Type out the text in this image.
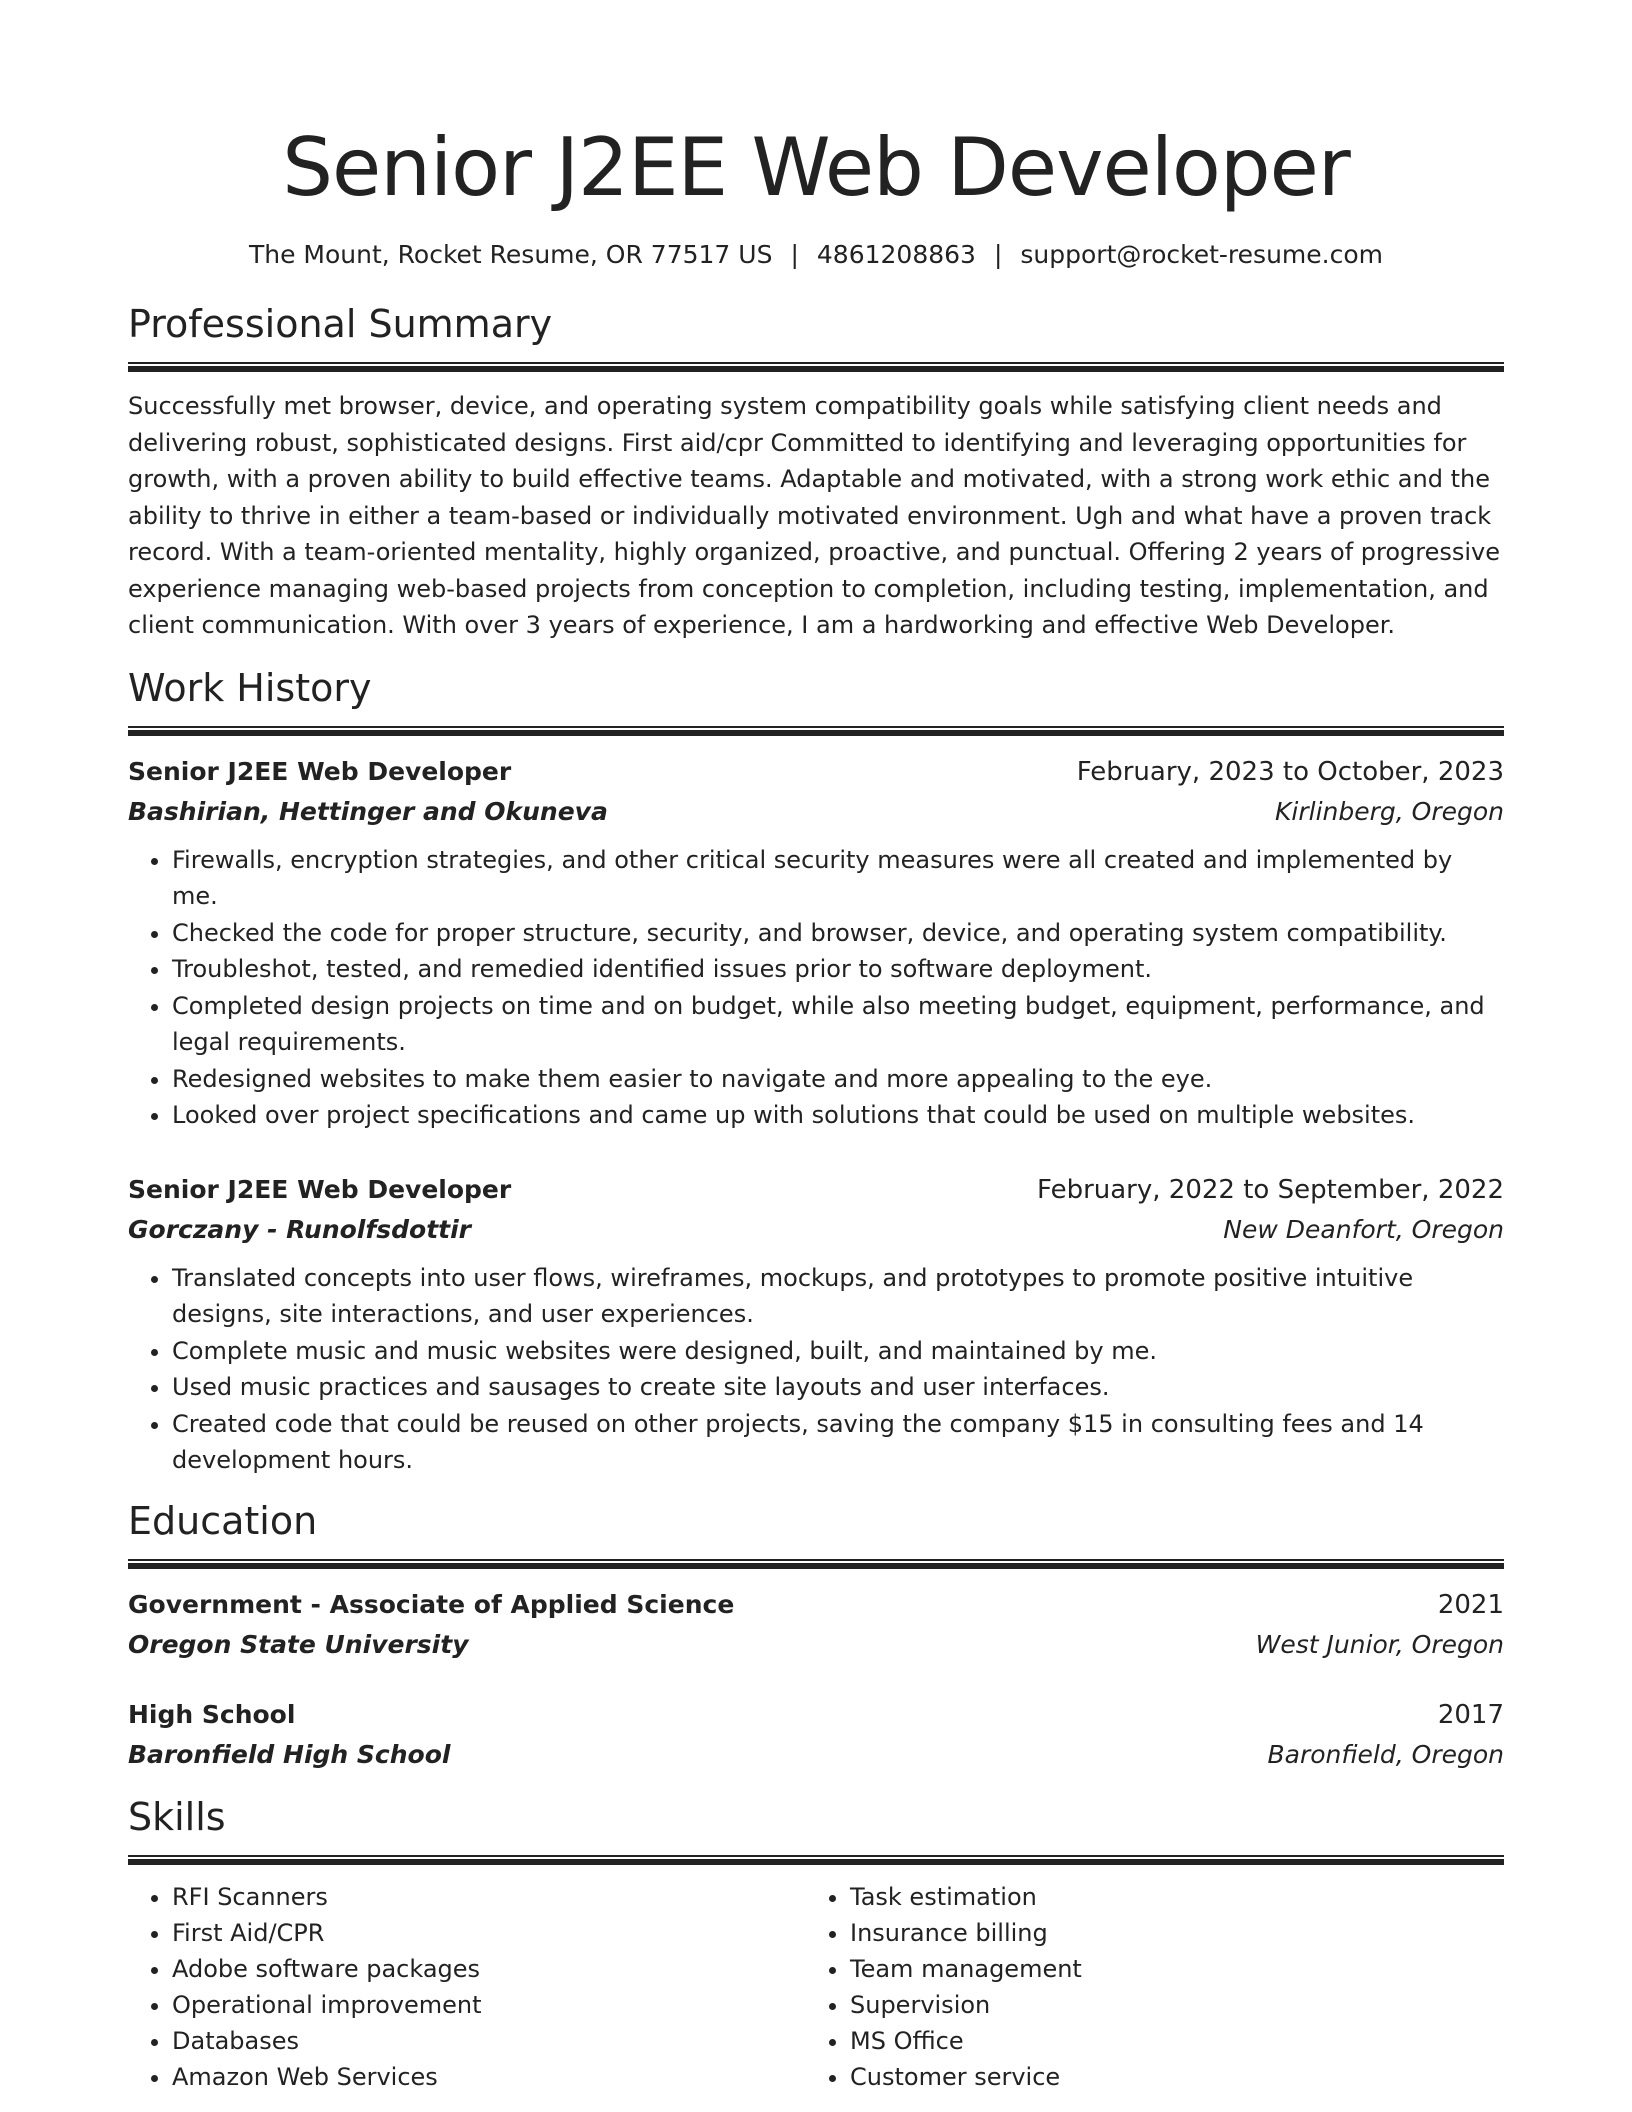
Senior J2EE Web Developer
The Mount, Rocket Resume, OR 77517 US | 4861208863 | support@rocket-resume.com
Professional Summary
Successfully met browser, device, and operating system compatibility goals while satisfying client needs and delivering robust, sophisticated designs. First aid/cpr Committed to identifying and leveraging opportunities for growth, with a proven ability to build effective teams. Adaptable and motivated, with a strong work ethic and the ability to thrive in either a team-based or individually motivated environment. Ugh and what have a proven track record. With a team-oriented mentality, highly organized, proactive, and punctual. Offering 2 years of progressive experience managing web-based projects from conception to completion, including testing, implementation, and client communication. With over 3 years of experience, I am a hardworking and effective Web Developer.
Work History
Senior J2EE Web Developer	February, 2023 to October, 2023
Bashirian, Hettinger and Okuneva	Kirlinberg, Oregon
• Firewalls, encryption strategies, and other critical security measures were all created and implemented by me.
• Checked the code for proper structure, security, and browser, device, and operating system compatibility.
• Troubleshot, tested, and remedied identified issues prior to software deployment.
• Completed design projects on time and on budget, while also meeting budget, equipment, performance, and legal requirements.
• Redesigned websites to make them easier to navigate and more appealing to the eye.
• Looked over project specifications and came up with solutions that could be used on multiple websites.
Senior J2EE Web Developer	February, 2022 to September, 2022
Gorczany - Runolfsdottir	New Deanfort, Oregon
• Translated concepts into user flows, wireframes, mockups, and prototypes to promote positive intuitive designs, site interactions, and user experiences.
• Complete music and music websites were designed, built, and maintained by me.
• Used music practices and sausages to create site layouts and user interfaces.
• Created code that could be reused on other projects, saving the company $15 in consulting fees and 14 development hours.
Education
Government - Associate of Applied Science	2021
Oregon State University	West Junior, Oregon
High School	2017
Baronfield High School	Baronfield, Oregon
Skills
• RFI Scanners
• First Aid/CPR
• Adobe software packages
• Operational improvement
• Databases
• Amazon Web Services
• Task estimation
• Insurance billing
• Team management
• Supervision
• MS Office
• Customer service
